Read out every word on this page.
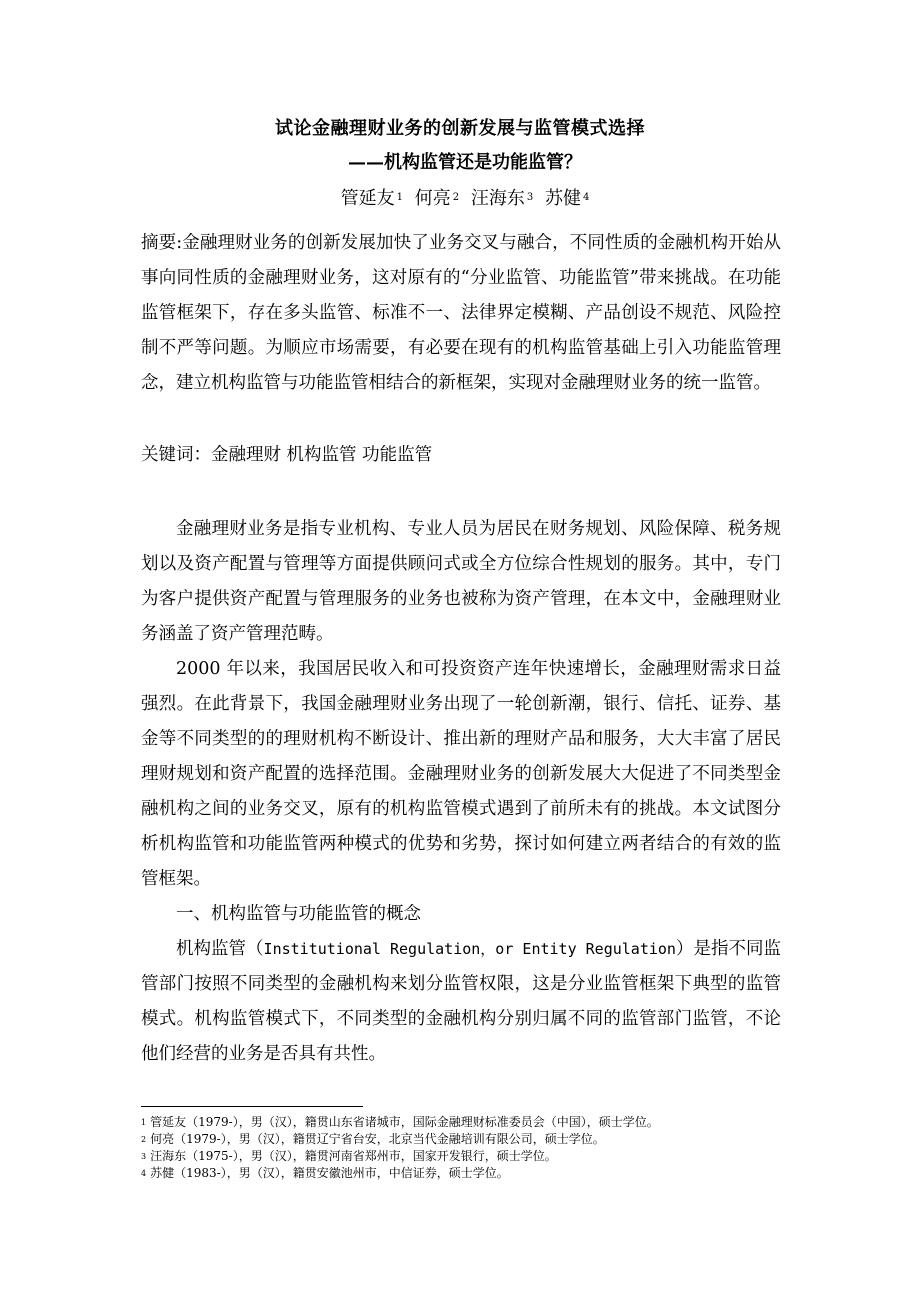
试论金融理财业务的创新发展与监管模式选择
——机构监管还是功能监管？
管延友 $^1$ 何亮 $^2$ 汪海东 $^3$ 苏健 $^4$
摘要:金融理财业务的创新发展加快了业务交叉与融合，不同性质的金融机构开始从事向同性质的金融理财业务，这对原有的“分业监管、功能监管”带来挑战。在功能监管框架下，存在多头监管、标准不一、法律界定模糊、产品创设不规范、风险控制不严等问题。为顺应市场需要，有必要在现有的机构监管基础上引入功能监管理念，建立机构监管与功能监管相结合的新框架，实现对金融理财业务的统一监管。
关键词：金融理财 机构监管 功能监管

金融理财业务是指专业机构、专业人员为居民在财务规划、风险保障、税务规划以及资产配置与管理等方面提供顾问式或全方位综合性规划的服务。其中，专门为客户提供资产配置与管理服务的业务也被称为资产管理，在本文中，金融理财业务涵盖了资产管理范畴。

2000 年以来，我国居民收入和可投资资产连年快速增长，金融理财需求日益强烈。在此背景下，我国金融理财业务出现了一轮创新潮，银行、信托、证券、基金等不同类型的的理财机构不断设计、推出新的理财产品和服务，大大丰富了居民理财规划和资产配置的选择范围。金融理财业务的创新发展大大促进了不同类型金融机构之间的业务交叉，原有的机构监管模式遇到了前所未有的挑战。本文试图分析机构监管和功能监管两种模式的优势和劣势，探讨如何建立两者结合的有效的监管框架。

一、机构监管与功能监管的概念

机构监管（Institutional Regulation，or Entity Regulation）是指不同监管部门按照不同类型的金融机构来划分监管权限，这是分业监管框架下典型的监管模式。机构监管模式下，不同类型的金融机构分别归属不同的监管部门监管，不论他们经营的业务是否具有共性。

$^1$ 管延友（1979-），男（汉），籍贯山东省诸城市，国际金融理财标准委员会（中国），硕士学位。
$^2$ 何亮（1979-），男（汉），籍贯辽宁省台安，北京当代金融培训有限公司，硕士学位。
$^3$ 汪海东（1975-），男（汉），籍贯河南省郑州市，国家开发银行，硕士学位。
$^4$ 苏健（1983-），男（汉），籍贯安徽池州市，中信证券，硕士学位。
